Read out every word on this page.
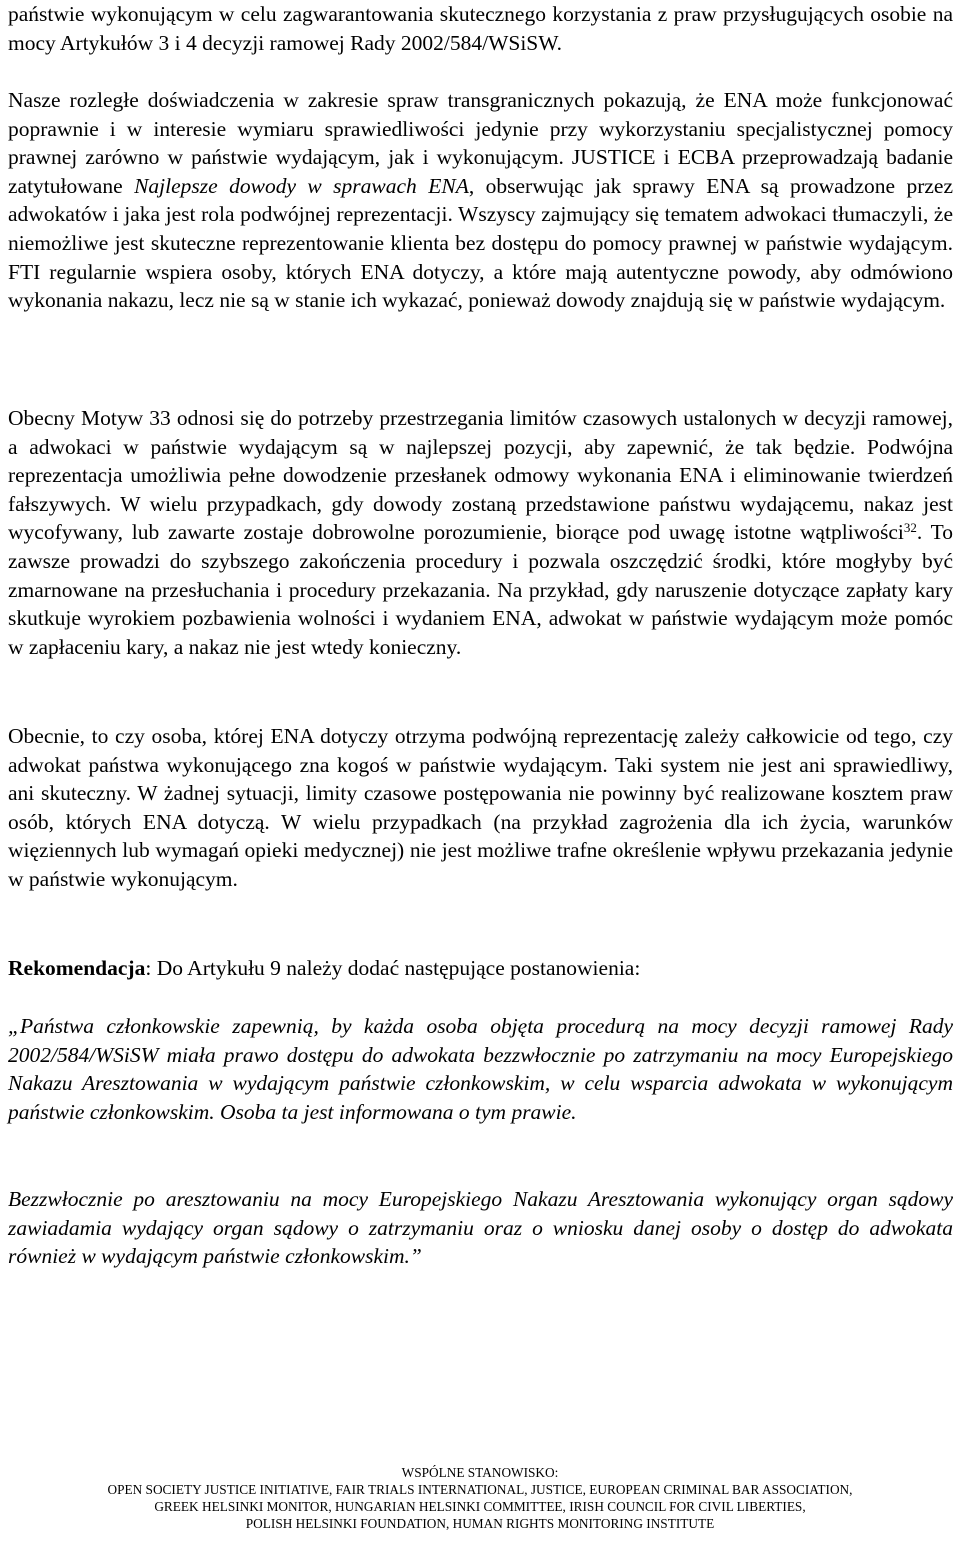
państwie wykonującym w celu zagwarantowania skutecznego korzystania z praw przysługujących osobie na mocy Artykułów 3 i 4 decyzji ramowej Rady 2002/584/WSiSW.

Nasze rozległe doświadczenia w zakresie spraw transgranicznych pokazują, że ENA może funkcjonować poprawnie i w interesie wymiaru sprawiedliwości jedynie przy wykorzystaniu specjalistycznej pomocy prawnej zarówno w państwie wydającym, jak i wykonującym. JUSTICE i ECBA przeprowadzają badanie zatytułowane Najlepsze dowody w sprawach ENA, obserwując jak sprawy ENA są prowadzone przez adwokatów i jaka jest rola podwójnej reprezentacji. Wszyscy zajmujący się tematem adwokaci tłumaczyli, że niemożliwe jest skuteczne reprezentowanie klienta bez dostępu do pomocy prawnej w państwie wydającym. FTI regularnie wspiera osoby, których ENA dotyczy, a które mają autentyczne powody, aby odmówiono wykonania nakazu, lecz nie są w stanie ich wykazać, ponieważ dowody znajdują się w państwie wydającym.

Obecny Motyw 33 odnosi się do potrzeby przestrzegania limitów czasowych ustalonych w decyzji ramowej, a adwokaci w państwie wydającym są w najlepszej pozycji, aby zapewnić, że tak będzie. Podwójna reprezentacja umożliwia pełne dowodzenie przesłanek odmowy wykonania ENA i eliminowanie twierdzeń fałszywych. W wielu przypadkach, gdy dowody zostaną przedstawione państwu wydającemu, nakaz jest wycofywany, lub zawarte zostaje dobrowolne porozumienie, biorące pod uwagę istotne wątpliwości$^{32}$. To zawsze prowadzi do szybszego zakończenia procedury i pozwala oszczędzić środki, które mogłyby być zmarnowane na przesłuchania i procedury przekazania. Na przykład, gdy naruszenie dotyczące zapłaty kary skutkuje wyrokiem pozbawienia wolności i wydaniem ENA, adwokat w państwie wydającym może pomóc w zapłaceniu kary, a nakaz nie jest wtedy konieczny.

Obecnie, to czy osoba, której ENA dotyczy otrzyma podwójną reprezentację zależy całkowicie od tego, czy adwokat państwa wykonującego zna kogoś w państwie wydającym. Taki system nie jest ani sprawiedliwy, ani skuteczny. W żadnej sytuacji, limity czasowe postępowania nie powinny być realizowane kosztem praw osób, których ENA dotyczą. W wielu przypadkach (na przykład zagrożenia dla ich życia, warunków więziennych lub wymagań opieki medycznej) nie jest możliwe trafne określenie wpływu przekazania jedynie w państwie wykonującym.

Rekomendacja: Do Artykułu 9 należy dodać następujące postanowienia:

„Państwa członkowskie zapewnią, by każda osoba objęta procedurą na mocy decyzji ramowej Rady 2002/584/WSiSW miała prawo dostępu do adwokata bezzwłocznie po zatrzymaniu na mocy Europejskiego Nakazu Aresztowania w wydającym państwie członkowskim, w celu wsparcia adwokata w wykonującym państwie członkowskim. Osoba ta jest informowana o tym prawie.

Bezzwłocznie po aresztowaniu na mocy Europejskiego Nakazu Aresztowania wykonujący organ sądowy zawiadamia wydający organ sądowy o zatrzymaniu oraz o wniosku danej osoby o dostęp do adwokata również w wydającym państwie członkowskim.”

WSPÓLNE STANOWISKO:
OPEN SOCIETY JUSTICE INITIATIVE, FAIR TRIALS INTERNATIONAL, JUSTICE, EUROPEAN CRIMINAL BAR ASSOCIATION,
GREEK HELSINKI MONITOR, HUNGARIAN HELSINKI COMMITTEE, IRISH COUNCIL FOR CIVIL LIBERTIES,
POLISH HELSINKI FOUNDATION, HUMAN RIGHTS MONITORING INSTITUTE
